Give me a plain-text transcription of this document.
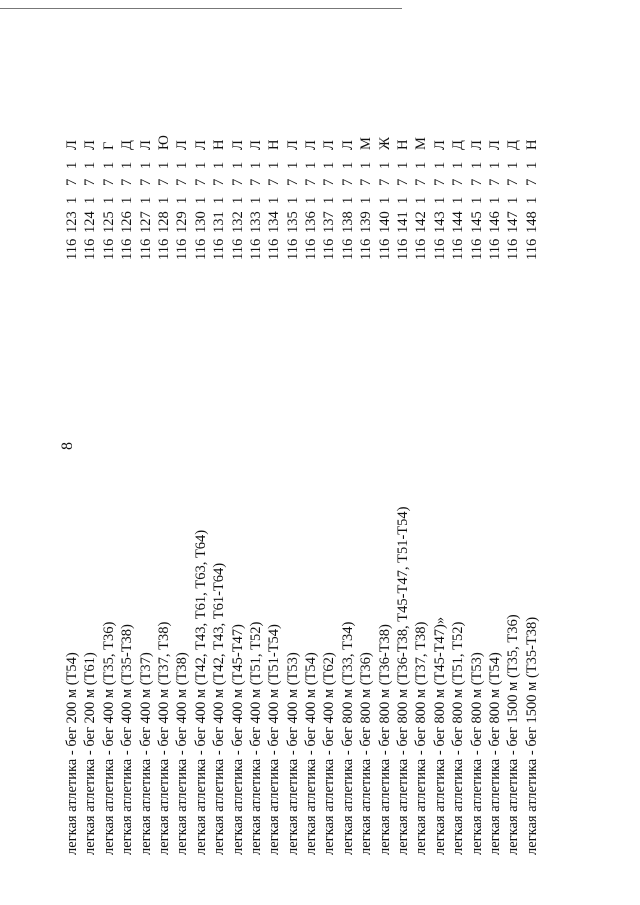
8
легкая атлетика - бег 200 м (Т54)
116
123
1
7
1
Л
легкая атлетика - бег 200 м (Т61)
116
124
1
7
1
Л
легкая атлетика - бег 400 м (Т35, Т36)
116
125
1
7
1
Г
легкая атлетика - бег 400 м (Т35-Т38)
116
126
1
7
1
Д
легкая атлетика - бег 400 м (Т37)
116
127
1
7
1
Л
легкая атлетика - бег 400 м (Т37, Т38)
116
128
1
7
1
Ю
легкая атлетика - бег 400 м (Т38)
116
129
1
7
1
Л
легкая атлетика - бег 400 м (Т42, Т43, Т61, Т63, Т64)
116
130
1
7
1
Л
легкая атлетика - бег 400 м (Т42, Т43, Т61-Т64)
116
131
1
7
1
Н
легкая атлетика - бег 400 м (Т45-Т47)
116
132
1
7
1
Л
легкая атлетика - бег 400 м (Т51, Т52)
116
133
1
7
1
Л
легкая атлетика - бег 400 м (Т51-Т54)
116
134
1
7
1
Н
легкая атлетика - бег 400 м (Т53)
116
135
1
7
1
Л
легкая атлетика - бег 400 м (Т54)
116
136
1
7
1
Л
легкая атлетика - бег 400 м (Т62)
116
137
1
7
1
Л
легкая атлетика - бег 800 м (Т33, Т34)
116
138
1
7
1
Л
легкая атлетика - бег 800 м (Т36)
116
139
1
7
1
М
легкая атлетика - бег 800 м (Т36-Т38)
116
140
1
7
1
Ж
легкая атлетика - бег 800 м (Т36-Т38, Т45-Т47, Т51-Т54)
116
141
1
7
1
Н
легкая атлетика - бег 800 м (Т37, Т38)
116
142
1
7
1
М
легкая атлетика - бег 800 м (Т45-Т47)»
116
143
1
7
1
Л
легкая атлетика - бег 800 м (Т51, Т52)
116
144
1
7
1
Д
легкая атлетика - бег 800 м (Т53)
116
145
1
7
1
Л
легкая атлетика - бег 800 м (Т54)
116
146
1
7
1
Л
легкая атлетика - бег 1500 м (Т35, Т36)
116
147
1
7
1
Д
легкая атлетика - бег 1500 м (Т35-Т38)
116
148
1
7
1
Н
